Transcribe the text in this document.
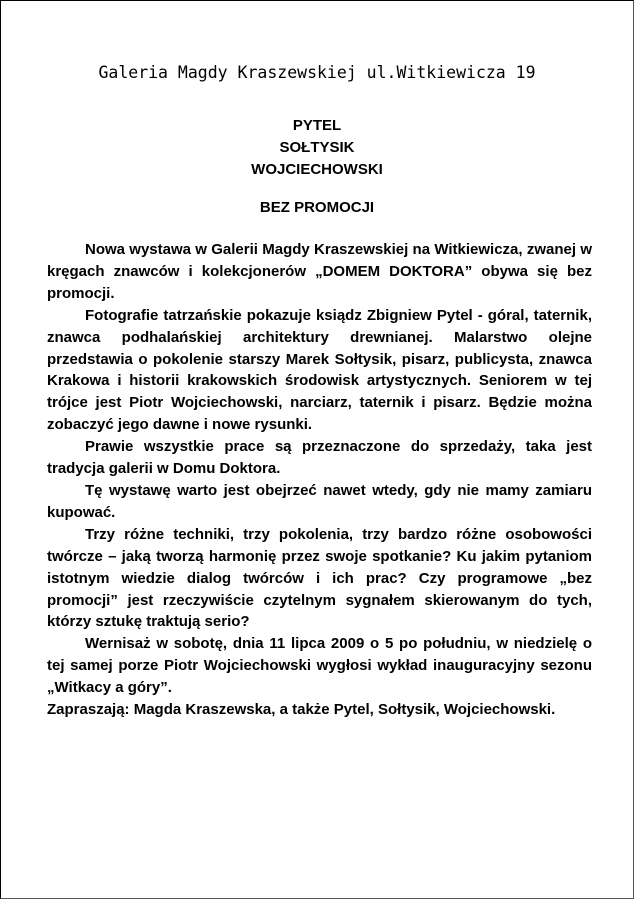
Galeria Magdy Kraszewskiej ul.Witkiewicza 19
PYTEL
SOŁTYSIK
WOJCIECHOWSKI
BEZ PROMOCJI

Nowa wystawa w Galerii Magdy Kraszewskiej na Witkiewicza, zwanej w kręgach znawców i kolekcjonerów „DOMEM DOKTORA” obywa się bez promocji.

Fotografie tatrzańskie pokazuje ksiądz Zbigniew Pytel - góral, taternik, znawca podhalańskiej architektury drewnianej. Malarstwo olejne przedstawia o pokolenie starszy Marek Sołtysik, pisarz, publicysta, znawca Krakowa i historii krakowskich środowisk artystycznych. Seniorem w tej trójce jest Piotr Wojciechowski, narciarz, taternik i pisarz. Będzie można zobaczyć jego dawne i nowe rysunki.

Prawie wszystkie prace są przeznaczone do sprzedaży, taka jest tradycja galerii w Domu Doktora.

Tę wystawę warto jest obejrzeć nawet wtedy, gdy nie mamy zamiaru kupować.

Trzy różne techniki, trzy pokolenia, trzy bardzo różne osobowości twórcze – jaką tworzą harmonię przez swoje spotkanie? Ku jakim pytaniom istotnym wiedzie dialog twórców i ich prac? Czy programowe „bez promocji” jest rzeczywiście czytelnym sygnałem skierowanym do tych, którzy sztukę traktują serio?

Wernisaż w sobotę, dnia 11 lipca 2009 o 5 po południu, w niedzielę o tej samej porze Piotr Wojciechowski wygłosi wykład inauguracyjny sezonu „Witkacy a góry”.

Zapraszają: Magda Kraszewska, a także Pytel, Sołtysik, Wojciechowski.
